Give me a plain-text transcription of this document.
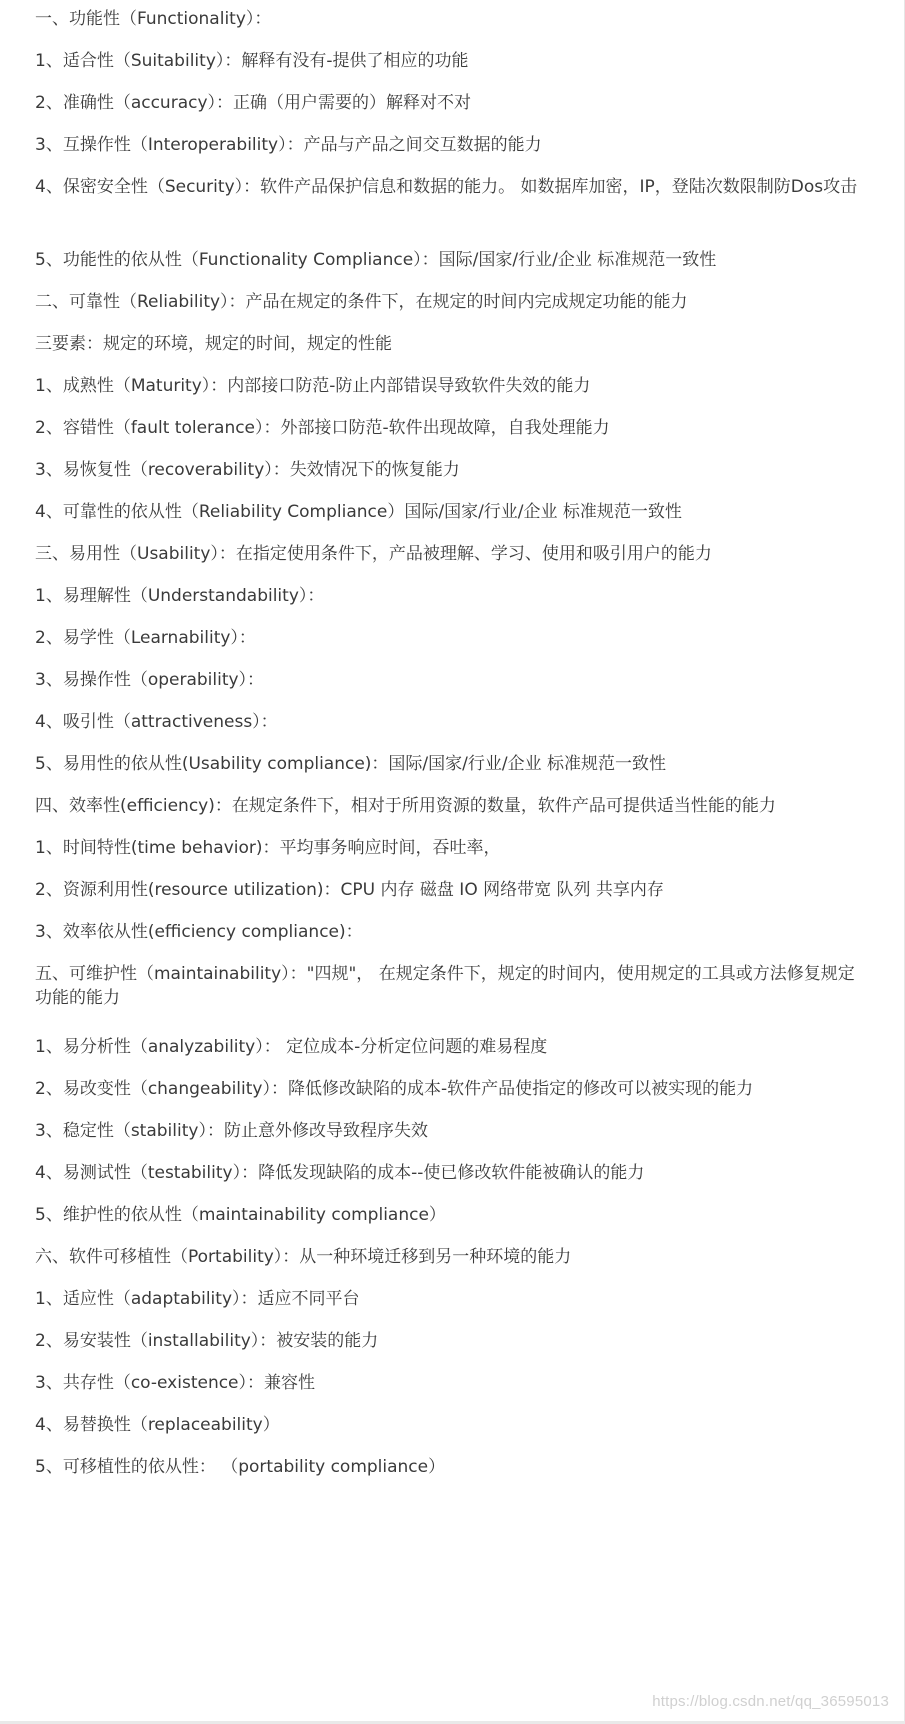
一、功能性（Functionality）：

1、适合性（Suitability）：解释有没有-提供了相应的功能

2、准确性（accuracy）：正确（用户需要的）解释对不对

3、互操作性（Interoperability）：产品与产品之间交互数据的能力

4、保密安全性（Security）：软件产品保护信息和数据的能力。 如数据库加密，IP，登陆次数限制防Dos攻击

5、功能性的依从性（Functionality Compliance）：国际/国家/行业/企业 标准规范一致性

二、可靠性（Reliability）：产品在规定的条件下，在规定的时间内完成规定功能的能力

三要素：规定的环境，规定的时间，规定的性能

1、成熟性（Maturity）：内部接口防范-防止内部错误导致软件失效的能力

2、容错性（fault tolerance）：外部接口防范-软件出现故障，自我处理能力

3、易恢复性（recoverability）：失效情况下的恢复能力

4、可靠性的依从性（Reliability Compliance）国际/国家/行业/企业 标准规范一致性

三、易用性（Usability）：在指定使用条件下，产品被理解、学习、使用和吸引用户的能力

1、易理解性（Understandability）：

2、易学性（Learnability）：

3、易操作性（operability）：

4、吸引性（attractiveness）：

5、易用性的依从性(Usability compliance)：国际/国家/行业/企业 标准规范一致性

四、效率性(efficiency)：在规定条件下，相对于所用资源的数量，软件产品可提供适当性能的能力

1、时间特性(time behavior)：平均事务响应时间，吞吐率，

2、资源利用性(resource utilization)：CPU 内存 磁盘 IO 网络带宽 队列 共享内存

3、效率依从性(efficiency compliance)：

五、可维护性（maintainability）："四规"， 在规定条件下，规定的时间内，使用规定的工具或方法修复规定功能的能力

1、易分析性（analyzability）： 定位成本-分析定位问题的难易程度

2、易改变性（changeability）：降低修改缺陷的成本-软件产品使指定的修改可以被实现的能力

3、稳定性（stability）：防止意外修改导致程序失效

4、易测试性（testability）：降低发现缺陷的成本--使已修改软件能被确认的能力

5、维护性的依从性（maintainability compliance）

六、软件可移植性（Portability）：从一种环境迁移到另一种环境的能力

1、适应性（adaptability）：适应不同平台

2、易安装性（installability）：被安装的能力

3、共存性（co-existence）：兼容性

4、易替换性（replaceability）

5、可移植性的依从性： （portability compliance）

https://blog.csdn.net/qq_36595013
